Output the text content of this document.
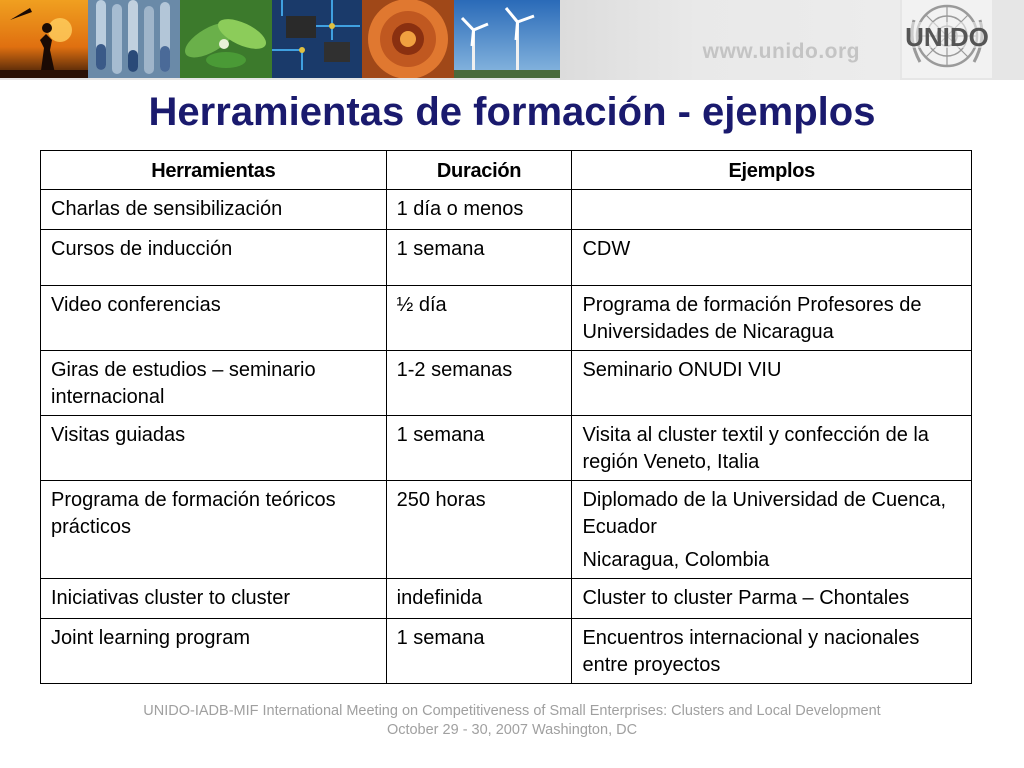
www.unido.org UNIDO
Herramientas de formación - ejemplos
Herramientas	Duración	Ejemplos
Charlas de sensibilización	1 día o menos	

Cursos de inducción	1 semana	CDW

Video conferencias	½ día	Programa de formación Profesores de Universidades de Nicaragua

Giras de estudios – seminario internacional	1-2 semanas	Seminario ONUDI VIU

Visitas guiadas	1 semana	Visita al cluster textil y confección de la región Veneto, Italia

Programa de formación teóricos prácticos	250 horas	Diplomado de la Universidad de Cuenca, Ecuador

Nicaragua, Colombia

Iniciativas cluster to cluster	indefinida	Cluster to cluster Parma – Chontales

Joint learning program	1 semana	Encuentros internacional y nacionales entre proyectos

UNIDO-IADB-MIF International Meeting on Competitiveness of Small Enterprises: Clusters and Local Development
October 29 - 30, 2007 Washington, DC
